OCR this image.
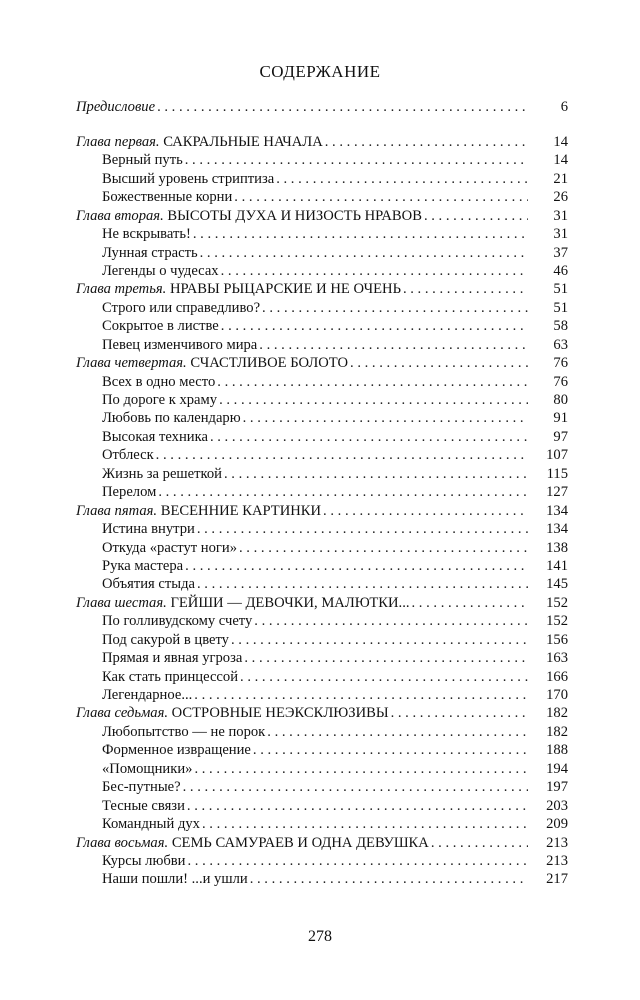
СОДЕРЖАНИЕ
Предисловие . . .	6
Глава первая. САКРАЛЬНЫЕ НАЧАЛА . . .	14
Верный путь . . .	14
Высший уровень стриптиза . . .	21
Божественные корни . . .	26
Глава вторая. ВЫСОТЫ ДУХА И НИЗОСТЬ НРАВОВ . . .	31
Не вскрывать! . . .	31
Лунная страсть . . .	37
Легенды о чудесах . . .	46
Глава третья. НРАВЫ РЫЦАРСКИЕ И НЕ ОЧЕНЬ . . .	51
Строго или справедливо? . . .	51
Сокрытое в листве . . .	58
Певец изменчивого мира . . .	63
Глава четвертая. СЧАСТЛИВОЕ БОЛОТО . . .	76
Всех в одно место . . .	76
По дороге к храму . . .	80
Любовь по календарю . . .	91
Высокая техника . . .	97
Отблеск . . .	107
Жизнь за решеткой . . .	115
Перелом . . .	127
Глава пятая. ВЕСЕННИЕ КАРТИНКИ . . .	134
Истина внутри . . .	134
Откуда «растут ноги» . . .	138
Рука мастера . . .	141
Объятия стыда . . .	145
Глава шестая. ГЕЙШИ — ДЕВОЧКИ, МАЛЮТКИ... . . .	152
По голливудскому счету . . .	152
Под сакурой в цвету . . .	156
Прямая и явная угроза . . .	163
Как стать принцессой . . .	166
Легендарное... . . .	170
Глава седьмая. ОСТРОВНЫЕ НЕЭКСКЛЮЗИВЫ . . .	182
Любопытство — не порок . . .	182
Форменное извращение . . .	188
«Помощники» . . .	194
Бес-путные? . . .	197
Тесные связи . . .	203
Командный дух . . .	209
Глава восьмая. СЕМЬ САМУРАЕВ И ОДНА ДЕВУШКА . . .	213
Курсы любви . . .	213
Наши пошли! ...и ушли . . .	217
278
